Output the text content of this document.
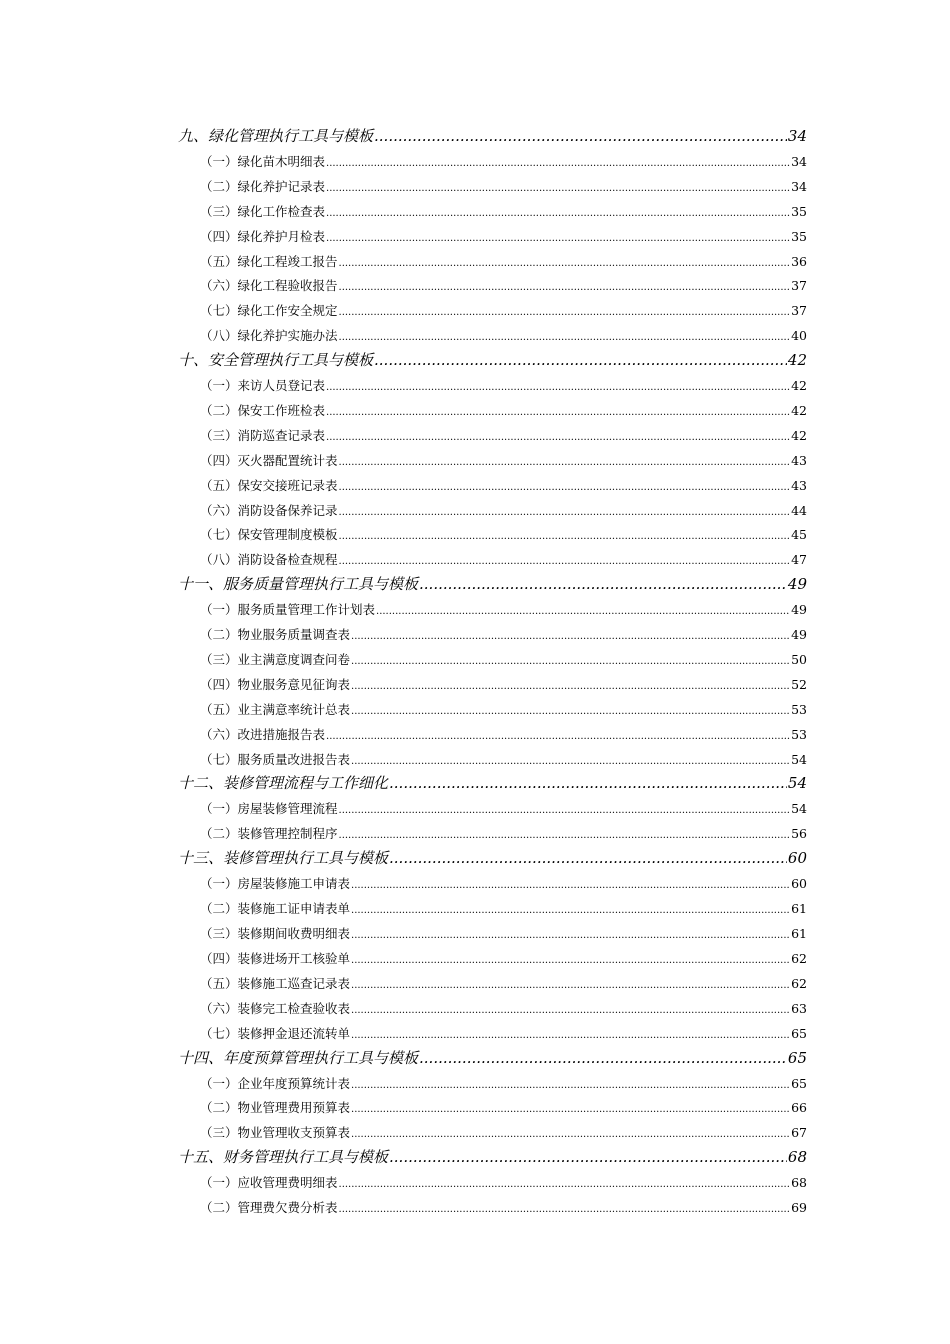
九、绿化管理执行工具与模板 .....	34
（一）绿化苗木明细表 .....	34
（二）绿化养护记录表 .....	34
（三）绿化工作检查表 .....	35
（四）绿化养护月检表 .....	35
（五）绿化工程竣工报告 .....	36
（六）绿化工程验收报告 .....	37
（七）绿化工作安全规定 .....	37
（八）绿化养护实施办法 .....	40
十、安全管理执行工具与模板 .....	42
（一）来访人员登记表 .....	42
（二）保安工作班检表 .....	42
（三）消防巡查记录表 .....	42
（四）灭火器配置统计表 .....	43
（五）保安交接班记录表 .....	43
（六）消防设备保养记录 .....	44
（七）保安管理制度模板 .....	45
（八）消防设备检查规程 .....	47
十一、服务质量管理执行工具与模板 .....	49
（一）服务质量管理工作计划表 .....	49
（二）物业服务质量调查表 .....	49
（三）业主满意度调查问卷 .....	50
（四）物业服务意见征询表 .....	52
（五）业主满意率统计总表 .....	53
（六）改进措施报告表 .....	53
（七）服务质量改进报告表 .....	54
十二、装修管理流程与工作细化 .....	54
（一）房屋装修管理流程 .....	54
（二）装修管理控制程序 .....	56
十三、装修管理执行工具与模板 .....	60
（一）房屋装修施工申请表 .....	60
（二）装修施工证申请表单 .....	61
（三）装修期间收费明细表 .....	61
（四）装修进场开工核验单 .....	62
（五）装修施工巡查记录表 .....	62
（六）装修完工检查验收表 .....	63
（七）装修押金退还流转单 .....	65
十四、年度预算管理执行工具与模板 .....	65
（一）企业年度预算统计表 .....	65
（二）物业管理费用预算表 .....	66
（三）物业管理收支预算表 .....	67
十五、财务管理执行工具与模板 .....	68
（一）应收管理费明细表 .....	68
（二）管理费欠费分析表 .....	69
